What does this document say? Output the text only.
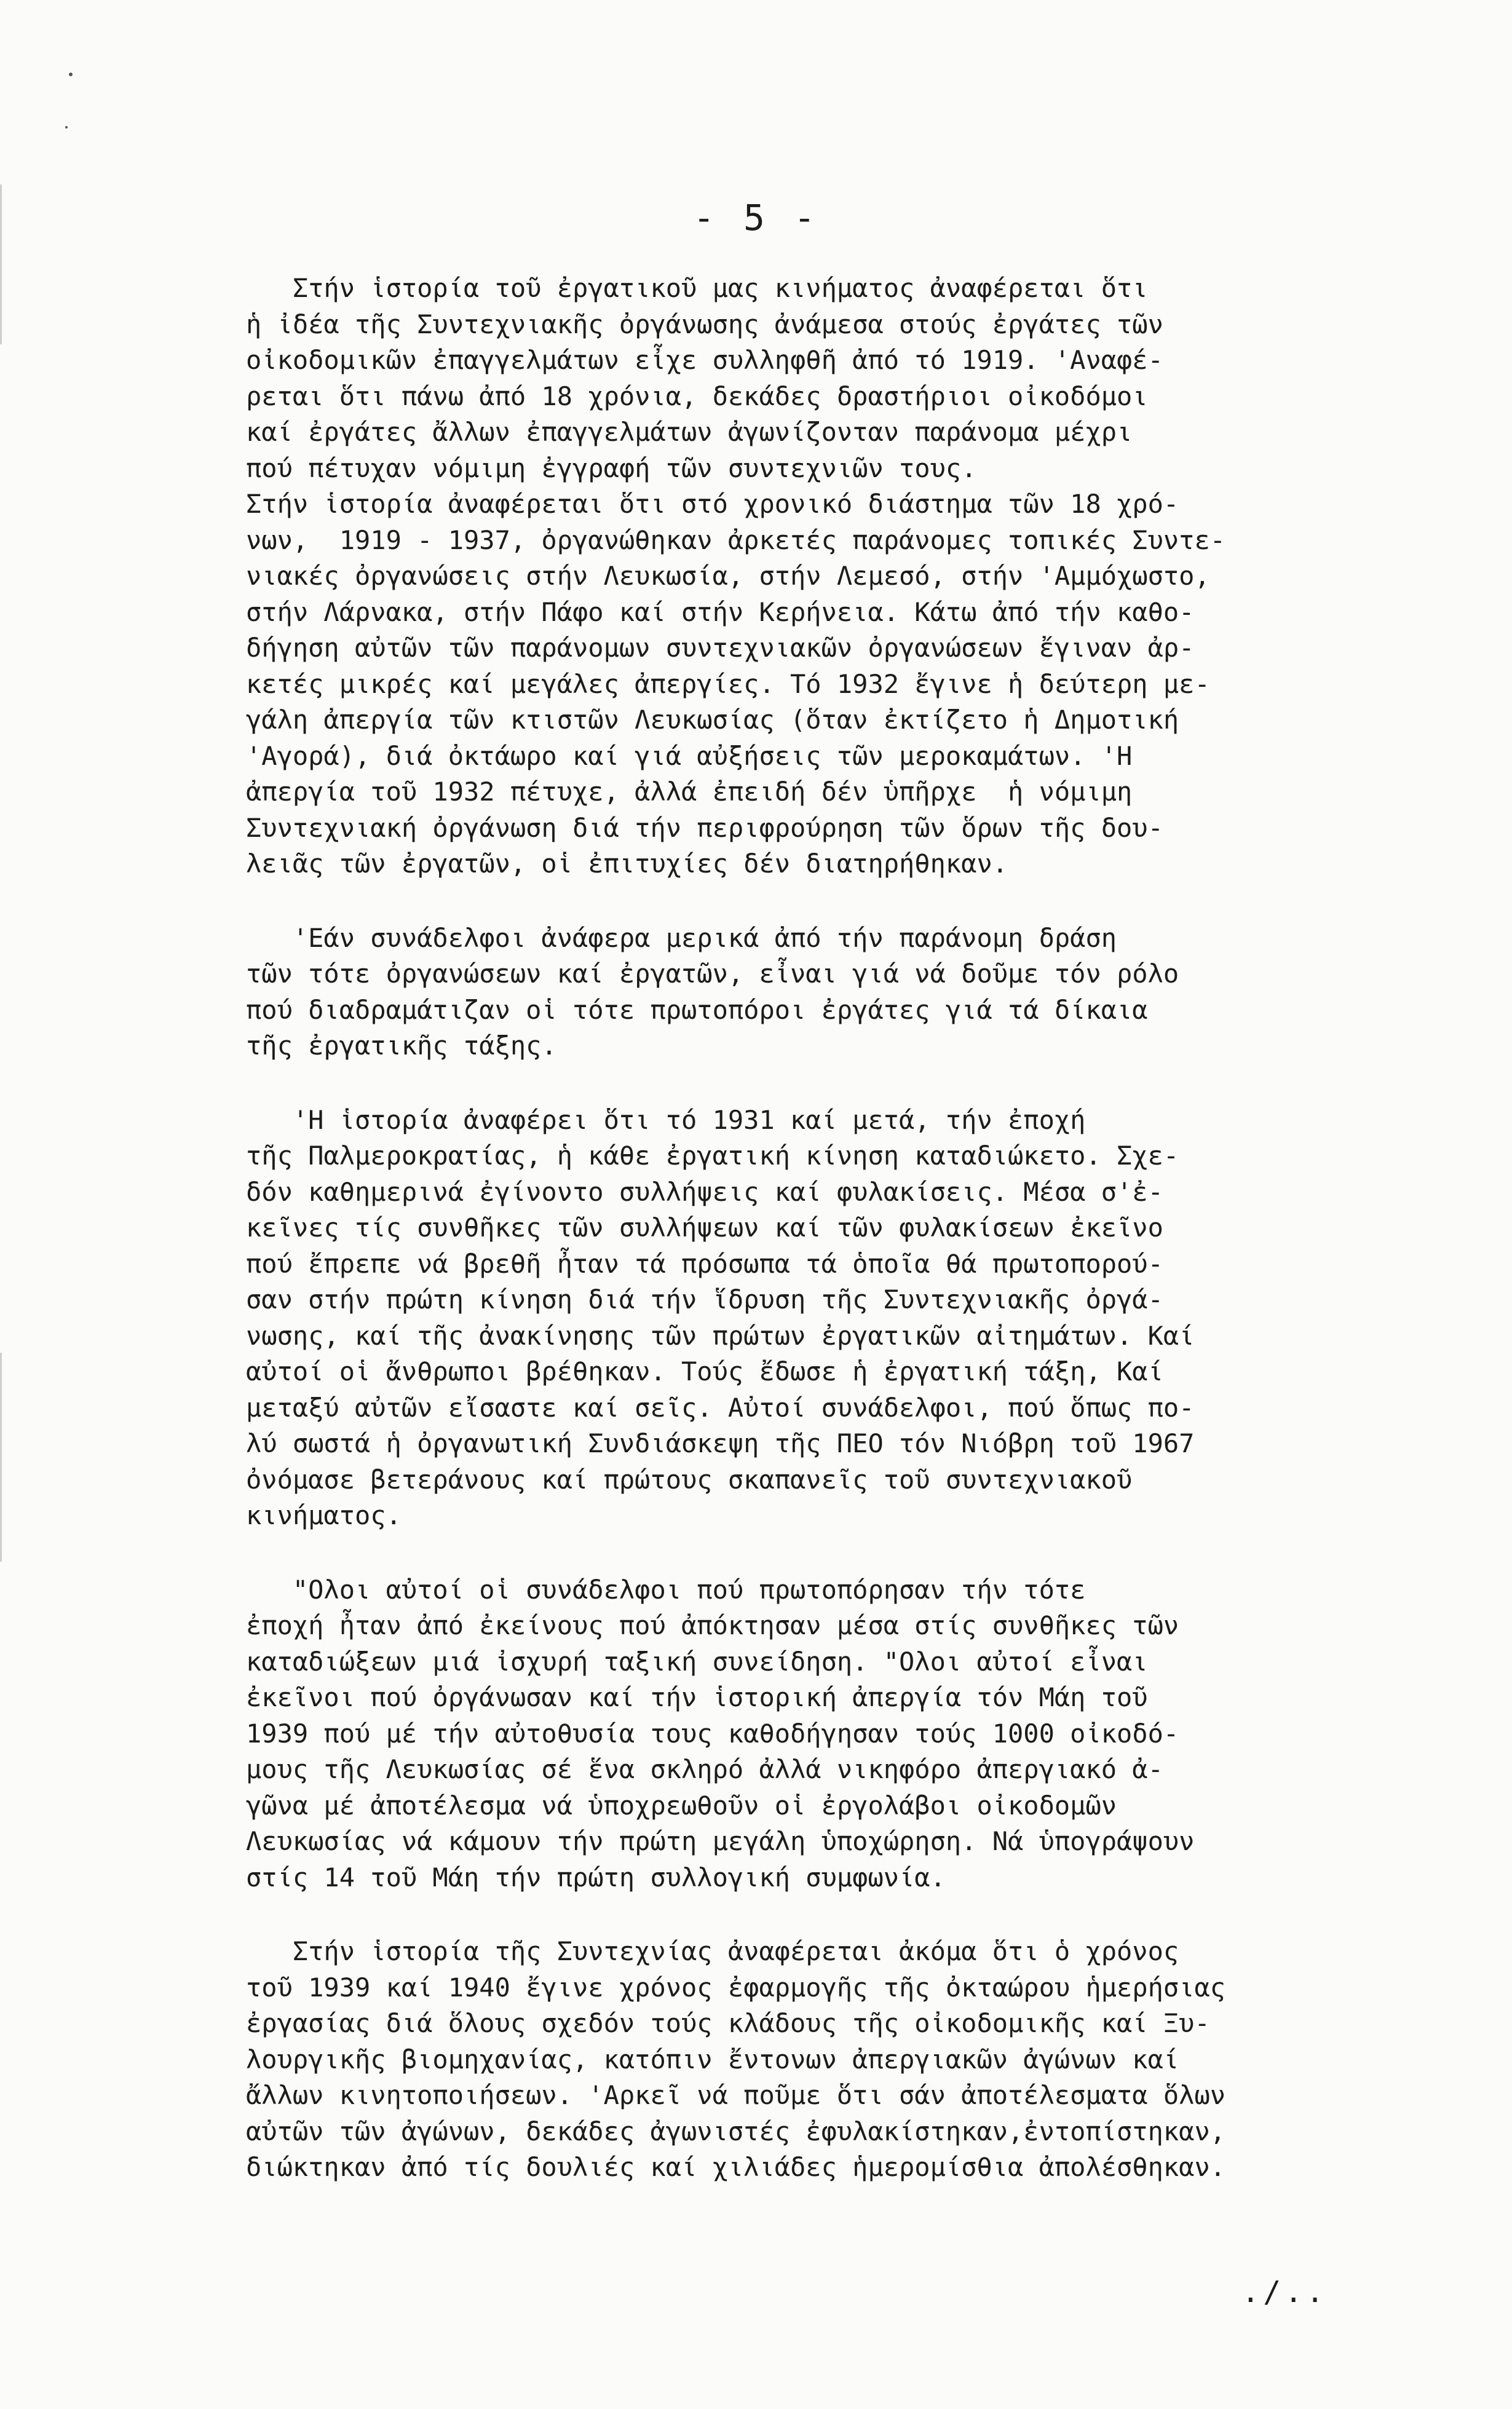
- 5 -
Στήν ἱστορία τοῦ ἐργατικοῦ μας κινήματος ἀναφέρεται ὅτι
ἡ ἰδέα τῆς Συντεχνιακῆς ὀργάνωσης ἀνάμεσα στούς ἐργάτες τῶν
οἰκοδομικῶν ἐπαγγελμάτων εἶχε συλληφθῆ ἀπό τό 1919. 'Αναφέ-
ρεται ὅτι πάνω ἀπό 18 χρόνια, δεκάδες δραστήριοι οἰκοδόμοι
καί ἐργάτες ἄλλων ἐπαγγελμάτων ἀγωνίζονταν παράνομα μέχρι
πού πέτυχαν νόμιμη ἐγγραφή τῶν συντεχνιῶν τους.
Στήν ἱστορία ἀναφέρεται ὅτι στό χρονικό διάστημα τῶν 18 χρό-
νων,  1919 - 1937, ὀργανώθηκαν ἀρκετές παράνομες τοπικές Συντε-
νιακές ὀργανώσεις στήν Λευκωσία, στήν Λεμεσό, στήν 'Αμμόχωστο,
στήν Λάρνακα, στήν Πάφο καί στήν Κερήνεια. Κάτω ἀπό τήν καθο-
δήγηση αὐτῶν τῶν παράνομων συντεχνιακῶν ὀργανώσεων ἔγιναν ἀρ-
κετές μικρές καί μεγάλες ἀπεργίες. Τό 1932 ἔγινε ἡ δεύτερη με-
γάλη ἀπεργία τῶν κτιστῶν Λευκωσίας (ὅταν ἐκτίζετο ἡ Δημοτική
'Αγορά), διά ὀκτάωρο καί γιά αὐξήσεις τῶν μεροκαμάτων. 'Η
ἀπεργία τοῦ 1932 πέτυχε, ἀλλά ἐπειδή δέν ὑπῆρχε  ἡ νόμιμη
Συντεχνιακή ὀργάνωση διά τήν περιφρούρηση τῶν ὅρων τῆς δου-
λειᾶς τῶν ἐργατῶν, οἱ ἐπιτυχίες δέν διατηρήθηκαν.
'Εάν συνάδελφοι ἀνάφερα μερικά ἀπό τήν παράνομη δράση
τῶν τότε ὀργανώσεων καί ἐργατῶν, εἶναι γιά νά δοῦμε τόν ρόλο
πού διαδραμάτιζαν οἱ τότε πρωτοπόροι ἐργάτες γιά τά δίκαια
τῆς ἐργατικῆς τάξης.
'Η ἱστορία ἀναφέρει ὅτι τό 1931 καί μετά, τήν ἐποχή
τῆς Παλμεροκρατίας, ἡ κάθε ἐργατική κίνηση καταδιώκετο. Σχε-
δόν καθημερινά ἐγίνοντο συλλήψεις καί φυλακίσεις. Μέσα σ'ἐ-
κεῖνες τίς συνθῆκες τῶν συλλήψεων καί τῶν φυλακίσεων ἐκεῖνο
πού ἔπρεπε νά βρεθῆ ἦταν τά πρόσωπα τά ὁποῖα θά πρωτοπορού-
σαν στήν πρώτη κίνηση διά τήν ἵδρυση τῆς Συντεχνιακῆς ὀργά-
νωσης, καί τῆς ἀνακίνησης τῶν πρώτων ἐργατικῶν αἰτημάτων. Καί
αὐτοί οἱ ἄνθρωποι βρέθηκαν. Τούς ἔδωσε ἡ ἐργατική τάξη, Καί
μεταξύ αὐτῶν εἴσαστε καί σεῖς. Αὐτοί συνάδελφοι, πού ὅπως πο-
λύ σωστά ἡ ὀργανωτική Συνδιάσκεψη τῆς ΠΕΟ τόν Νιόβρη τοῦ 1967
ὀνόμασε βετεράνους καί πρώτους σκαπανεῖς τοῦ συντεχνιακοῦ
κινήματος.
"Ολοι αὐτοί οἱ συνάδελφοι πού πρωτοπόρησαν τήν τότε
ἐποχή ἦταν ἀπό ἐκείνους πού ἀπόκτησαν μέσα στίς συνθῆκες τῶν
καταδιώξεων μιά ἰσχυρή ταξική συνείδηση. "Ολοι αὐτοί εἶναι
ἐκεῖνοι πού ὀργάνωσαν καί τήν ἱστορική ἀπεργία τόν Μάη τοῦ
1939 πού μέ τήν αὐτοθυσία τους καθοδήγησαν τούς 1000 οἰκοδό-
μους τῆς Λευκωσίας σέ ἕνα σκληρό ἀλλά νικηφόρο ἀπεργιακό ἀ-
γῶνα μέ ἀποτέλεσμα νά ὑποχρεωθοῦν οἱ ἐργολάβοι οἰκοδομῶν
Λευκωσίας νά κάμουν τήν πρώτη μεγάλη ὑποχώρηση. Νά ὑπογράψουν
στίς 14 τοῦ Μάη τήν πρώτη συλλογική συμφωνία.
Στήν ἱστορία τῆς Συντεχνίας ἀναφέρεται ἀκόμα ὅτι ὁ χρόνος
τοῦ 1939 καί 1940 ἔγινε χρόνος ἐφαρμογῆς τῆς ὀκταώρου ἡμερήσιας
ἐργασίας διά ὅλους σχεδόν τούς κλάδους τῆς οἰκοδομικῆς καί Ξυ-
λουργικῆς βιομηχανίας, κατόπιν ἔντονων ἀπεργιακῶν ἀγώνων καί
ἄλλων κινητοποιήσεων. 'Αρκεῖ νά ποῦμε ὅτι σάν ἀποτέλεσματα ὅλων
αὐτῶν τῶν ἀγώνων, δεκάδες ἀγωνιστές ἐφυλακίστηκαν,ἐντοπίστηκαν,
διώκτηκαν ἀπό τίς δουλιές καί χιλιάδες ἡμερομίσθια ἀπολέσθηκαν.
./..
